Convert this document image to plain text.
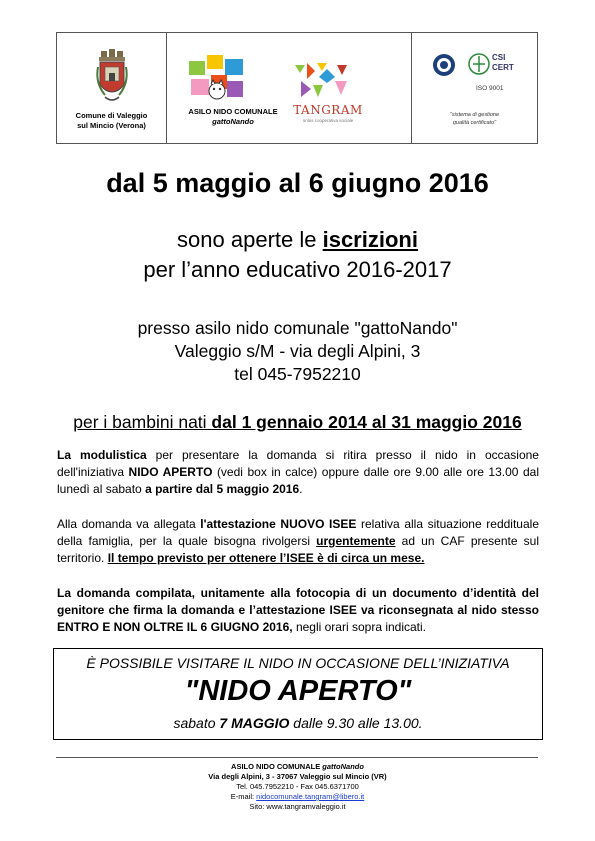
Comune di Valeggio
sul Mincio (Verona)
ASILO NIDO COMUNALE
gattoNando
TANGRAM
onlus cooperativa sociale
CSI
CERT
ISO 9001
"sistema di gestione
qualità certificato"
dal 5 maggio al 6 giugno 2016
sono aperte le iscrizioni
per l’anno educativo 2016-2017
presso asilo nido comunale "gattoNando"
Valeggio s/M - via degli Alpini, 3
tel 045-7952210
per i bambini nati dal 1 gennaio 2014 al 31 maggio 2016
La modulistica per presentare la domanda si ritira presso il nido in occasione dell'iniziativa NIDO APERTO (vedi box in calce) oppure dalle ore 9.00 alle ore 13.00 dal lunedì al sabato a partire dal 5 maggio 2016.
Alla domanda va allegata l'attestazione NUOVO ISEE relativa alla situazione reddituale della famiglia, per la quale bisogna rivolgersi urgentemente ad un CAF presente sul territorio. Il tempo previsto per ottenere l’ISEE è di circa un mese.
La domanda compilata, unitamente alla fotocopia di un documento d’identità del genitore che firma la domanda e l’attestazione ISEE va riconsegnata al nido stesso ENTRO E NON OLTRE IL 6 GIUGNO 2016, negli orari sopra indicati.
È POSSIBILE VISITARE IL NIDO IN OCCASIONE DELL’INIZIATIVA
"NIDO APERTO"
sabato 7 MAGGIO dalle 9.30 alle 13.00.
ASILO NIDO COMUNALE gattoNando
Via degli Alpini, 3 - 37067 Valeggio sul Mincio (VR)
Tel. 045.7952210 - Fax 045.6371700
E-mail: nidocomunale.tangram@libero.it
Sito: www.tangramvaleggio.it
